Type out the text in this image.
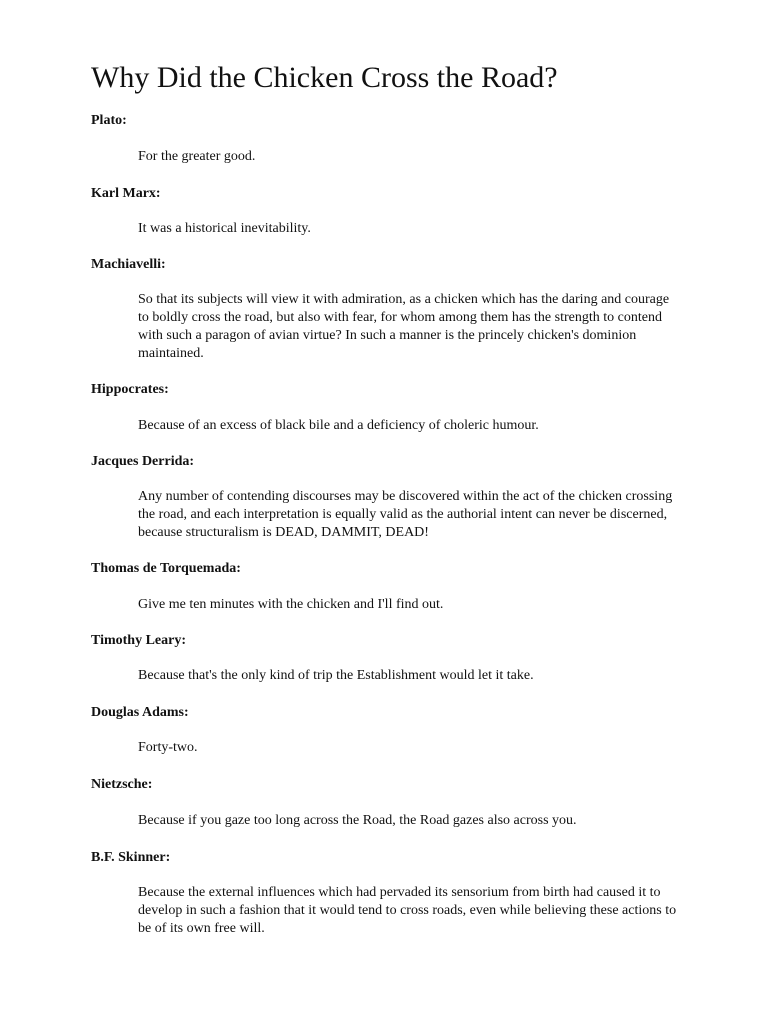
Why Did the Chicken Cross the Road?

Plato:

For the greater good.

Karl Marx:

It was a historical inevitability.

Machiavelli:

So that its subjects will view it with admiration, as a chicken which has the daring and courage to boldly cross the road, but also with fear, for whom among them has the strength to contend with such a paragon of avian virtue? In such a manner is the princely chicken's dominion maintained.

Hippocrates:

Because of an excess of black bile and a deficiency of choleric humour.

Jacques Derrida:

Any number of contending discourses may be discovered within the act of the chicken crossing the road, and each interpretation is equally valid as the authorial intent can never be discerned, because structuralism is DEAD, DAMMIT, DEAD!

Thomas de Torquemada:

Give me ten minutes with the chicken and I'll find out.

Timothy Leary:

Because that's the only kind of trip the Establishment would let it take.

Douglas Adams:

Forty-two.

Nietzsche:

Because if you gaze too long across the Road, the Road gazes also across you.

B.F. Skinner:

Because the external influences which had pervaded its sensorium from birth had caused it to develop in such a fashion that it would tend to cross roads, even while believing these actions to be of its own free will.
